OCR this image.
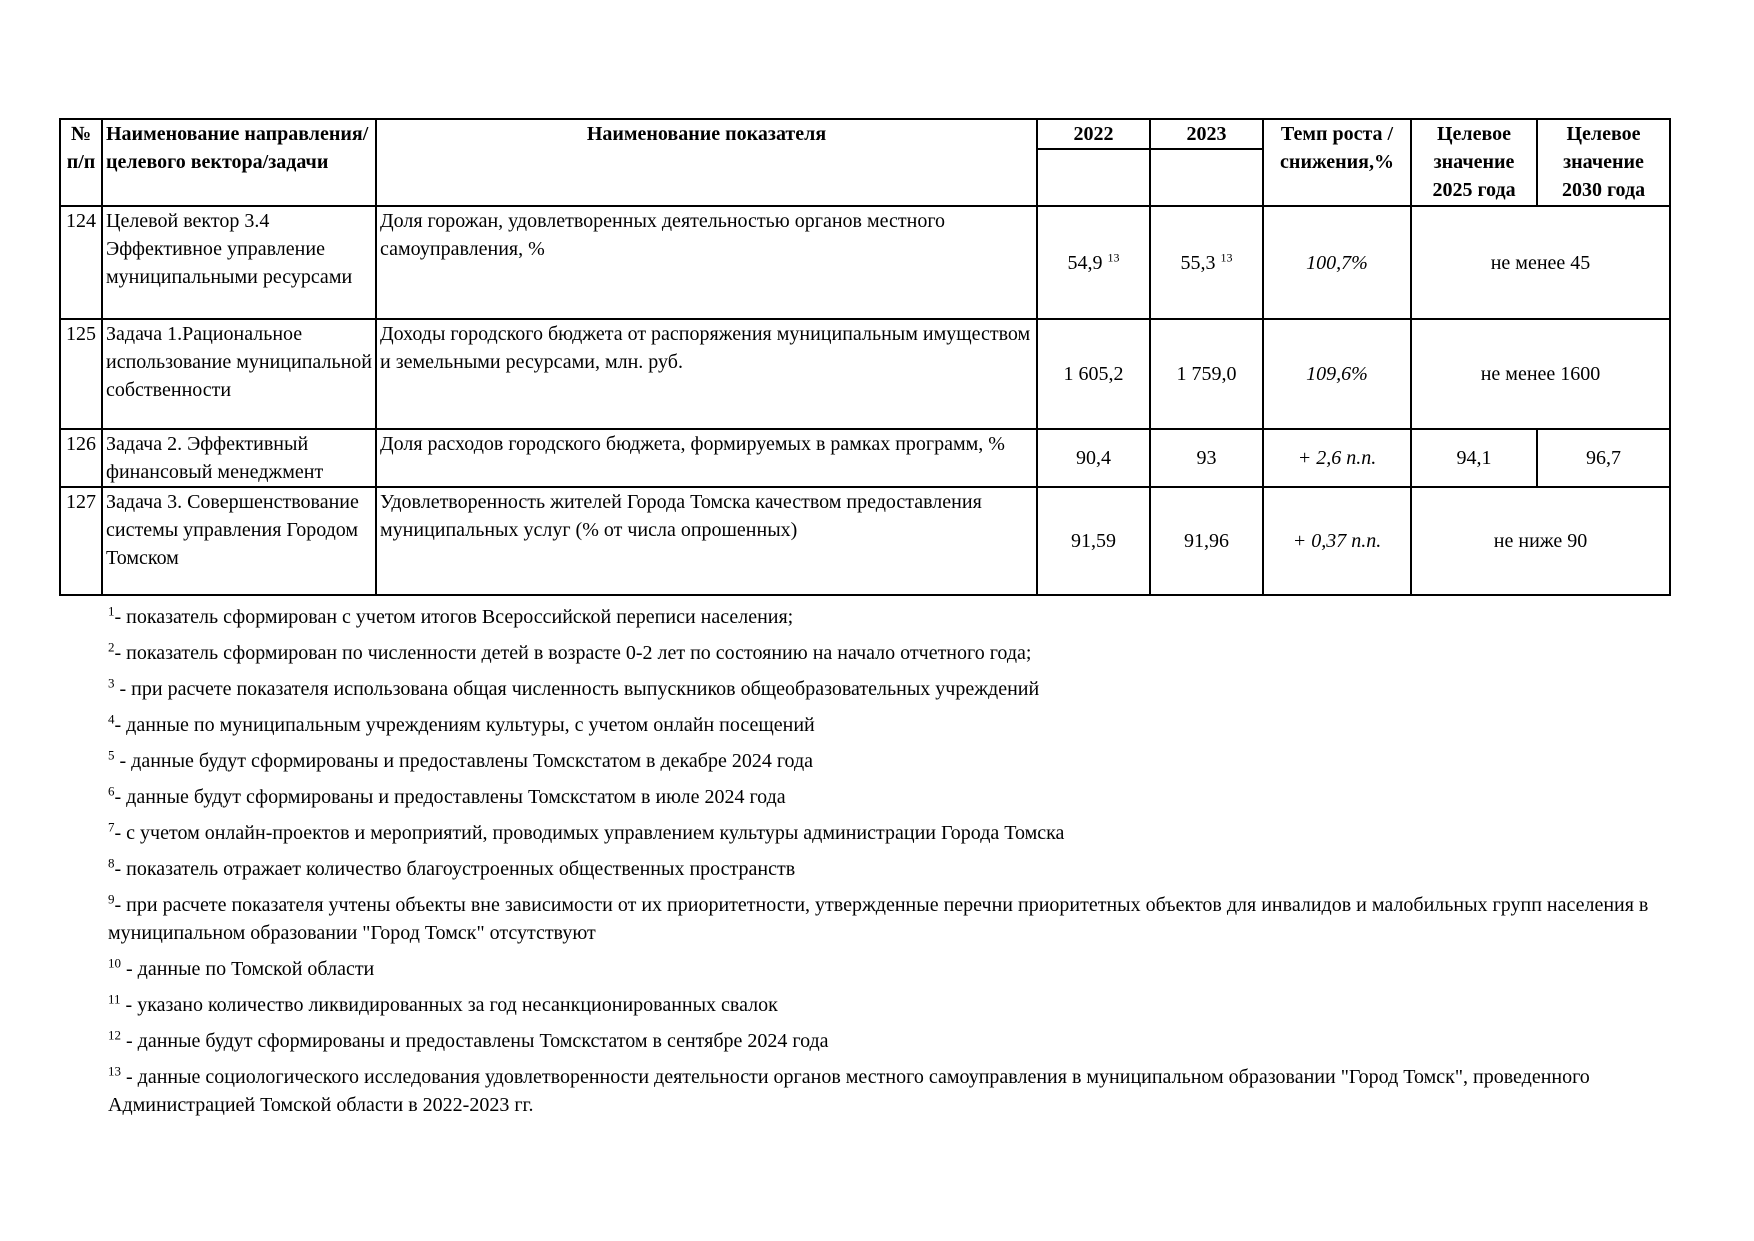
№ п/п	Наименование направления/целевого вектора/задачи	Наименование показателя	2022	2023	Темп роста / снижения,%	Целевое значение 2025 года	Целевое значение 2030 года

124	Целевой вектор 3.4 Эффективное управление муниципальными ресурсами	Доля горожан, удовлетворенных деятельностью органов местного самоуправления, %	54,9 $^{13}$	55,3 $^{13}$	100,7%	не менее 45	
125	Задача 1.Рациональное использование муниципальной собственности	Доходы городского бюджета от распоряжения муниципальным имуществом и земельными ресурсами, млн. руб.	1 605,2	1 759,0	109,6%	не менее 1600	
126	Задача 2. Эффективный финансовый менеджмент	Доля расходов городского бюджета, формируемых в рамках программ, %	90,4	93	+ 2,6 п.п.	94,1	96,7
127	Задача 3. Совершенствование системы управления Городом Томском	Удовлетворенность жителей Города Томска качеством предоставления муниципальных услуг (% от числа опрошенных)	91,59	91,96	+ 0,37 п.п.	не ниже 90	

$^1$- показатель сформирован с учетом итогов Всероссийской переписи населения;

$^2$- показатель сформирован по численности детей в возрасте 0-2 лет по состоянию на начало отчетного года;

$^3$ - при расчете показателя использована общая численность выпускников общеобразовательных учреждений

$^4$- данные по муниципальным учреждениям культуры, с учетом онлайн посещений

$^5$ - данные будут сформированы и предоставлены Томскстатом в декабре 2024 года

$^6$- данные будут сформированы и предоставлены Томскстатом в июле 2024 года

$^7$- с учетом онлайн-проектов и мероприятий, проводимых управлением культуры администрации Города Томска

$^8$- показатель отражает количество благоустроенных общественных пространств

$^9$- при расчете показателя учтены объекты вне зависимости от их приоритетности, утвержденные перечни приоритетных объектов для инвалидов и малобильных групп населения в муниципальном образовании "Город Томск" отсутствуют

$^{10}$ - данные по Томской области

$^{11}$ - указано количество ликвидированных за год несанкционированных свалок

$^{12}$ - данные будут сформированы и предоставлены Томскстатом в сентябре 2024 года

$^{13}$ - данные социологического исследования удовлетворенности деятельности органов местного самоуправления в муниципальном образовании "Город Томск", проведенного Администрацией Томской области в 2022-2023 гг.
